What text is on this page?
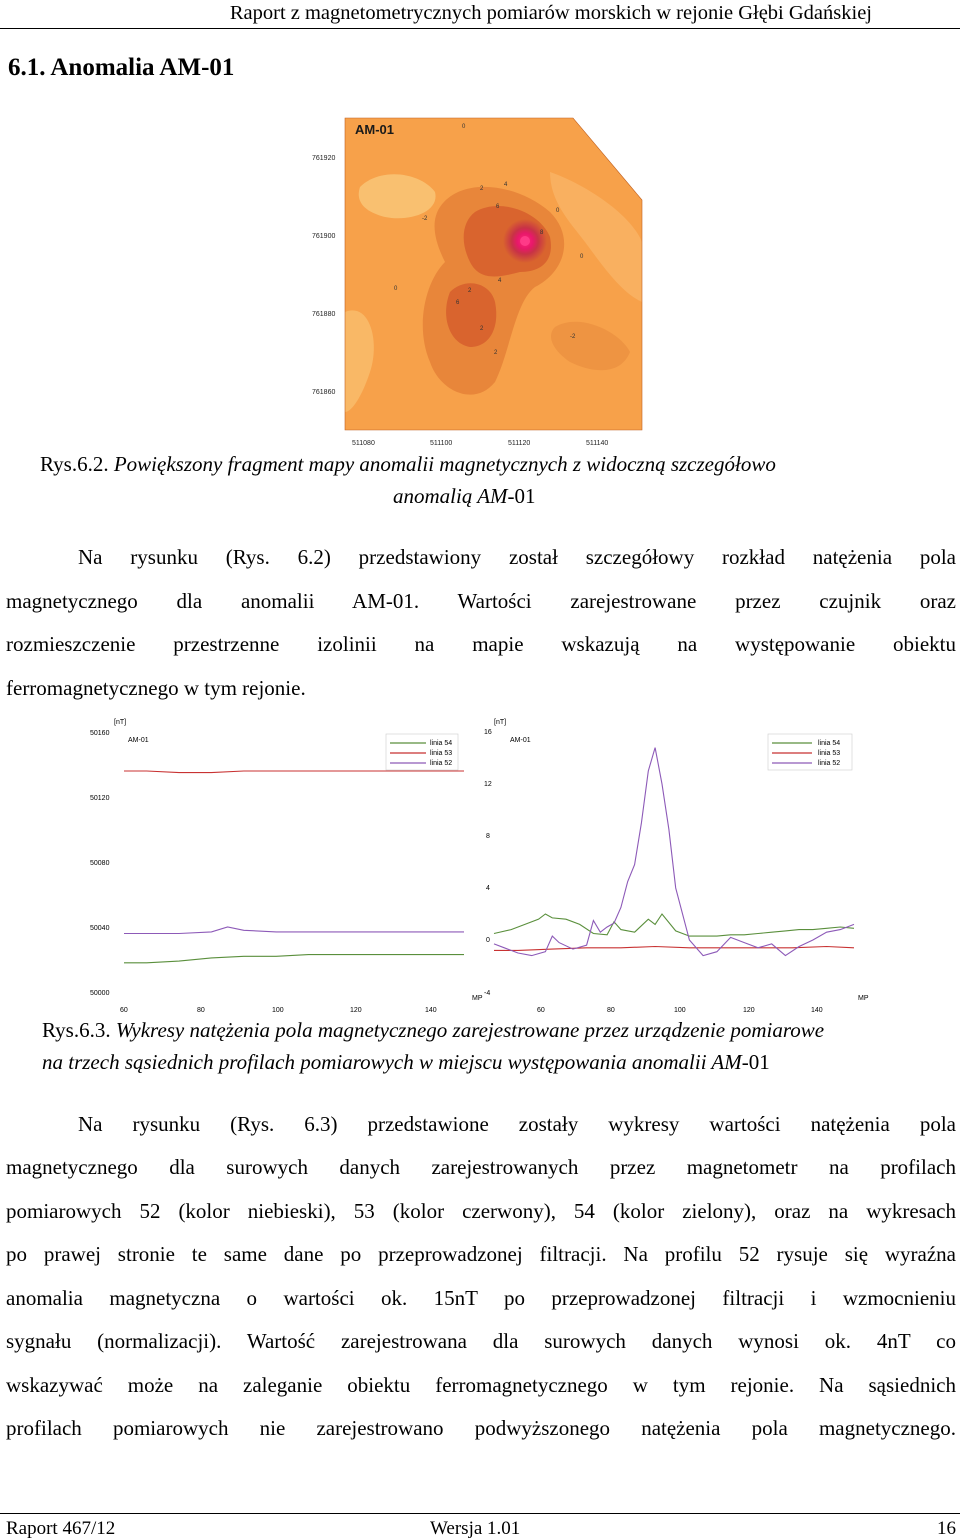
Raport z magnetometrycznych pomiarów morskich w rejonie Głębi Gdańskiej
6.1. Anomalia AM-01
AM-01
761920
761900
761880
761860
511080	511100	511120	511140
0
-2
2
4
6
8
0
0	2
4
2
-2
0
6
2
Rys.6.2. Powiększony fragment mapy anomalii magnetycznych z widoczną szczegółowo
anomalią AM-01
Na rysunku (Rys. 6.2) przedstawiony został szczegółowy rozkład natężenia pola
magnetycznego dla anomalii AM-01. Wartości zarejestrowane przez czujnik oraz
rozmieszczenie przestrzenne izolinii na mapie wskazują na występowanie obiektu
ferromagnetycznego w tym rejonie.
[nT]
AM-01
50160
50120
50080
50040
50000
60	80	100	120	140
MP
linia 54
linia 53
linia 52
[nT]
AM-01
16
12
8
4
0
-4
60	80	100	120	140
MP
linia 54
linia 53
linia 52
Rys.6.3. Wykresy natężenia pola magnetycznego zarejestrowane przez urządzenie pomiarowe
na trzech sąsiednich profilach pomiarowych w miejscu występowania anomalii AM-01
Na rysunku (Rys. 6.3) przedstawione zostały wykresy wartości natężenia pola
magnetycznego dla surowych danych zarejestrowanych przez magnetometr na profilach
pomiarowych 52 (kolor niebieski), 53 (kolor czerwony), 54 (kolor zielony), oraz na wykresach
po prawej stronie te same dane po przeprowadzonej filtracji. Na profilu 52 rysuje się wyraźna
anomalia magnetyczna o wartości ok. 15nT po przeprowadzonej filtracji i wzmocnieniu
sygnału (normalizacji). Wartość zarejestrowana dla surowych danych wynosi ok. 4nT co
wskazywać może na zaleganie obiektu ferromagnetycznego w tym rejonie. Na sąsiednich
profilach pomiarowych nie zarejestrowano podwyższonego natężenia pola magnetycznego.
Raport 467/12	Wersja 1.01	16
